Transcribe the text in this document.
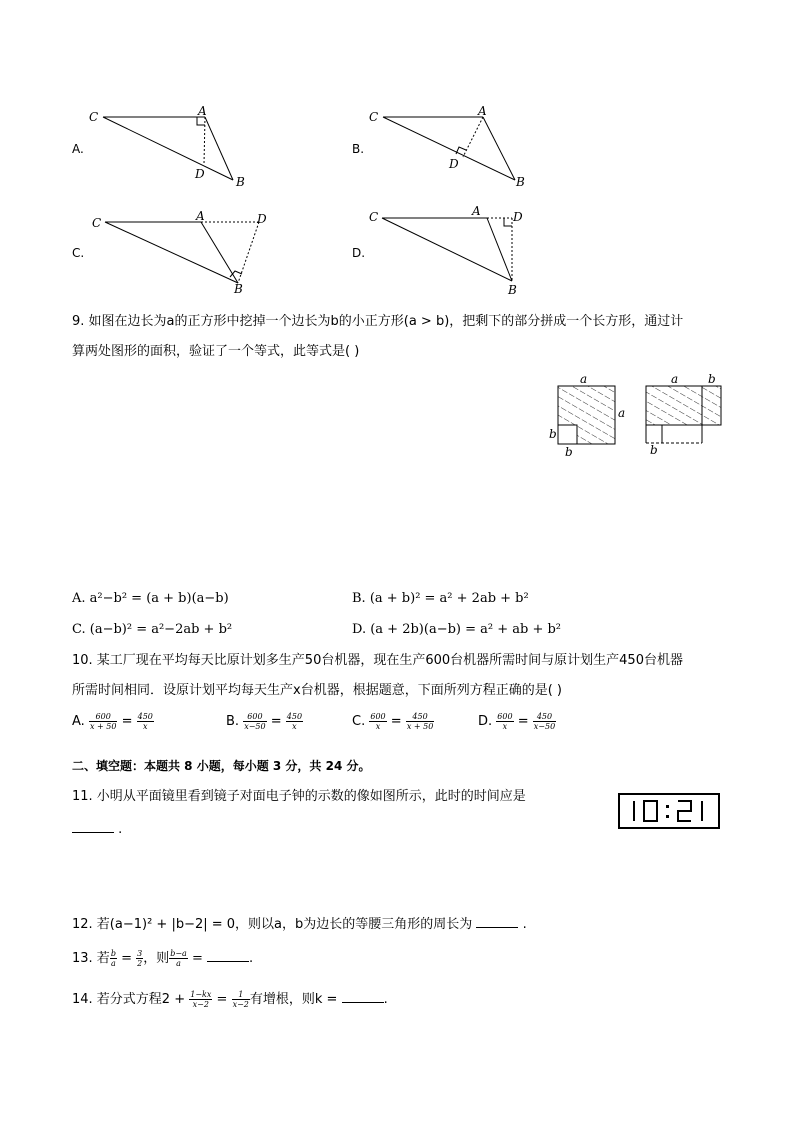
A.
C	A
D
B
B.
C	A
D
B
C.
C	A	D
B
D.
C	A	D
B
9. 如图在边长为a的正方形中挖掉一个边长为b的小正方形(a > b)，把剩下的部分拼成一个长方形，通过计
算两处图形的面积，验证了一个等式，此等式是( )
a
a
b
b
a b
b
A. a²−b² = (a + b)(a−b)	B. (a + b)² = a² + 2ab + b²
C. (a−b)² = a²−2ab + b²	D. (a + 2b)(a−b) = a² + ab + b²
10. 某工厂现在平均每天比原计划多生产50台机器，现在生产600台机器所需时间与原计划生产450台机器
所需时间相同．设原计划平均每天生产x台机器，根据题意，下面所列方程正确的是( )
A. $\frac{600}{x + 50} = \frac{450}{x}$	B. $\frac{600}{x-50} = \frac{450}{x}$	C. $\frac{600}{x} = \frac{450}{x + 50}$	D. $\frac{600}{x} = \frac{450}{x-50}$
二、填空题：本题共 8 小题，每小题 3 分，共 24 分。
11. 小明从平面镜里看到镜子对面电子钟的示数的像如图所示，此时的时间应是
.
12. 若(a−1)² + |b−2| = 0，则以a，b为边长的等腰三角形的周长为	.
13. 若 $\frac{b}{a} = \frac{3}{2}$ ，则 $\frac{b-a}{a}$ =	.
14. 若分式方程$2 + \frac{1-kx}{x-2} = \frac{1}{x-2}$ 有增根，则k =	.
